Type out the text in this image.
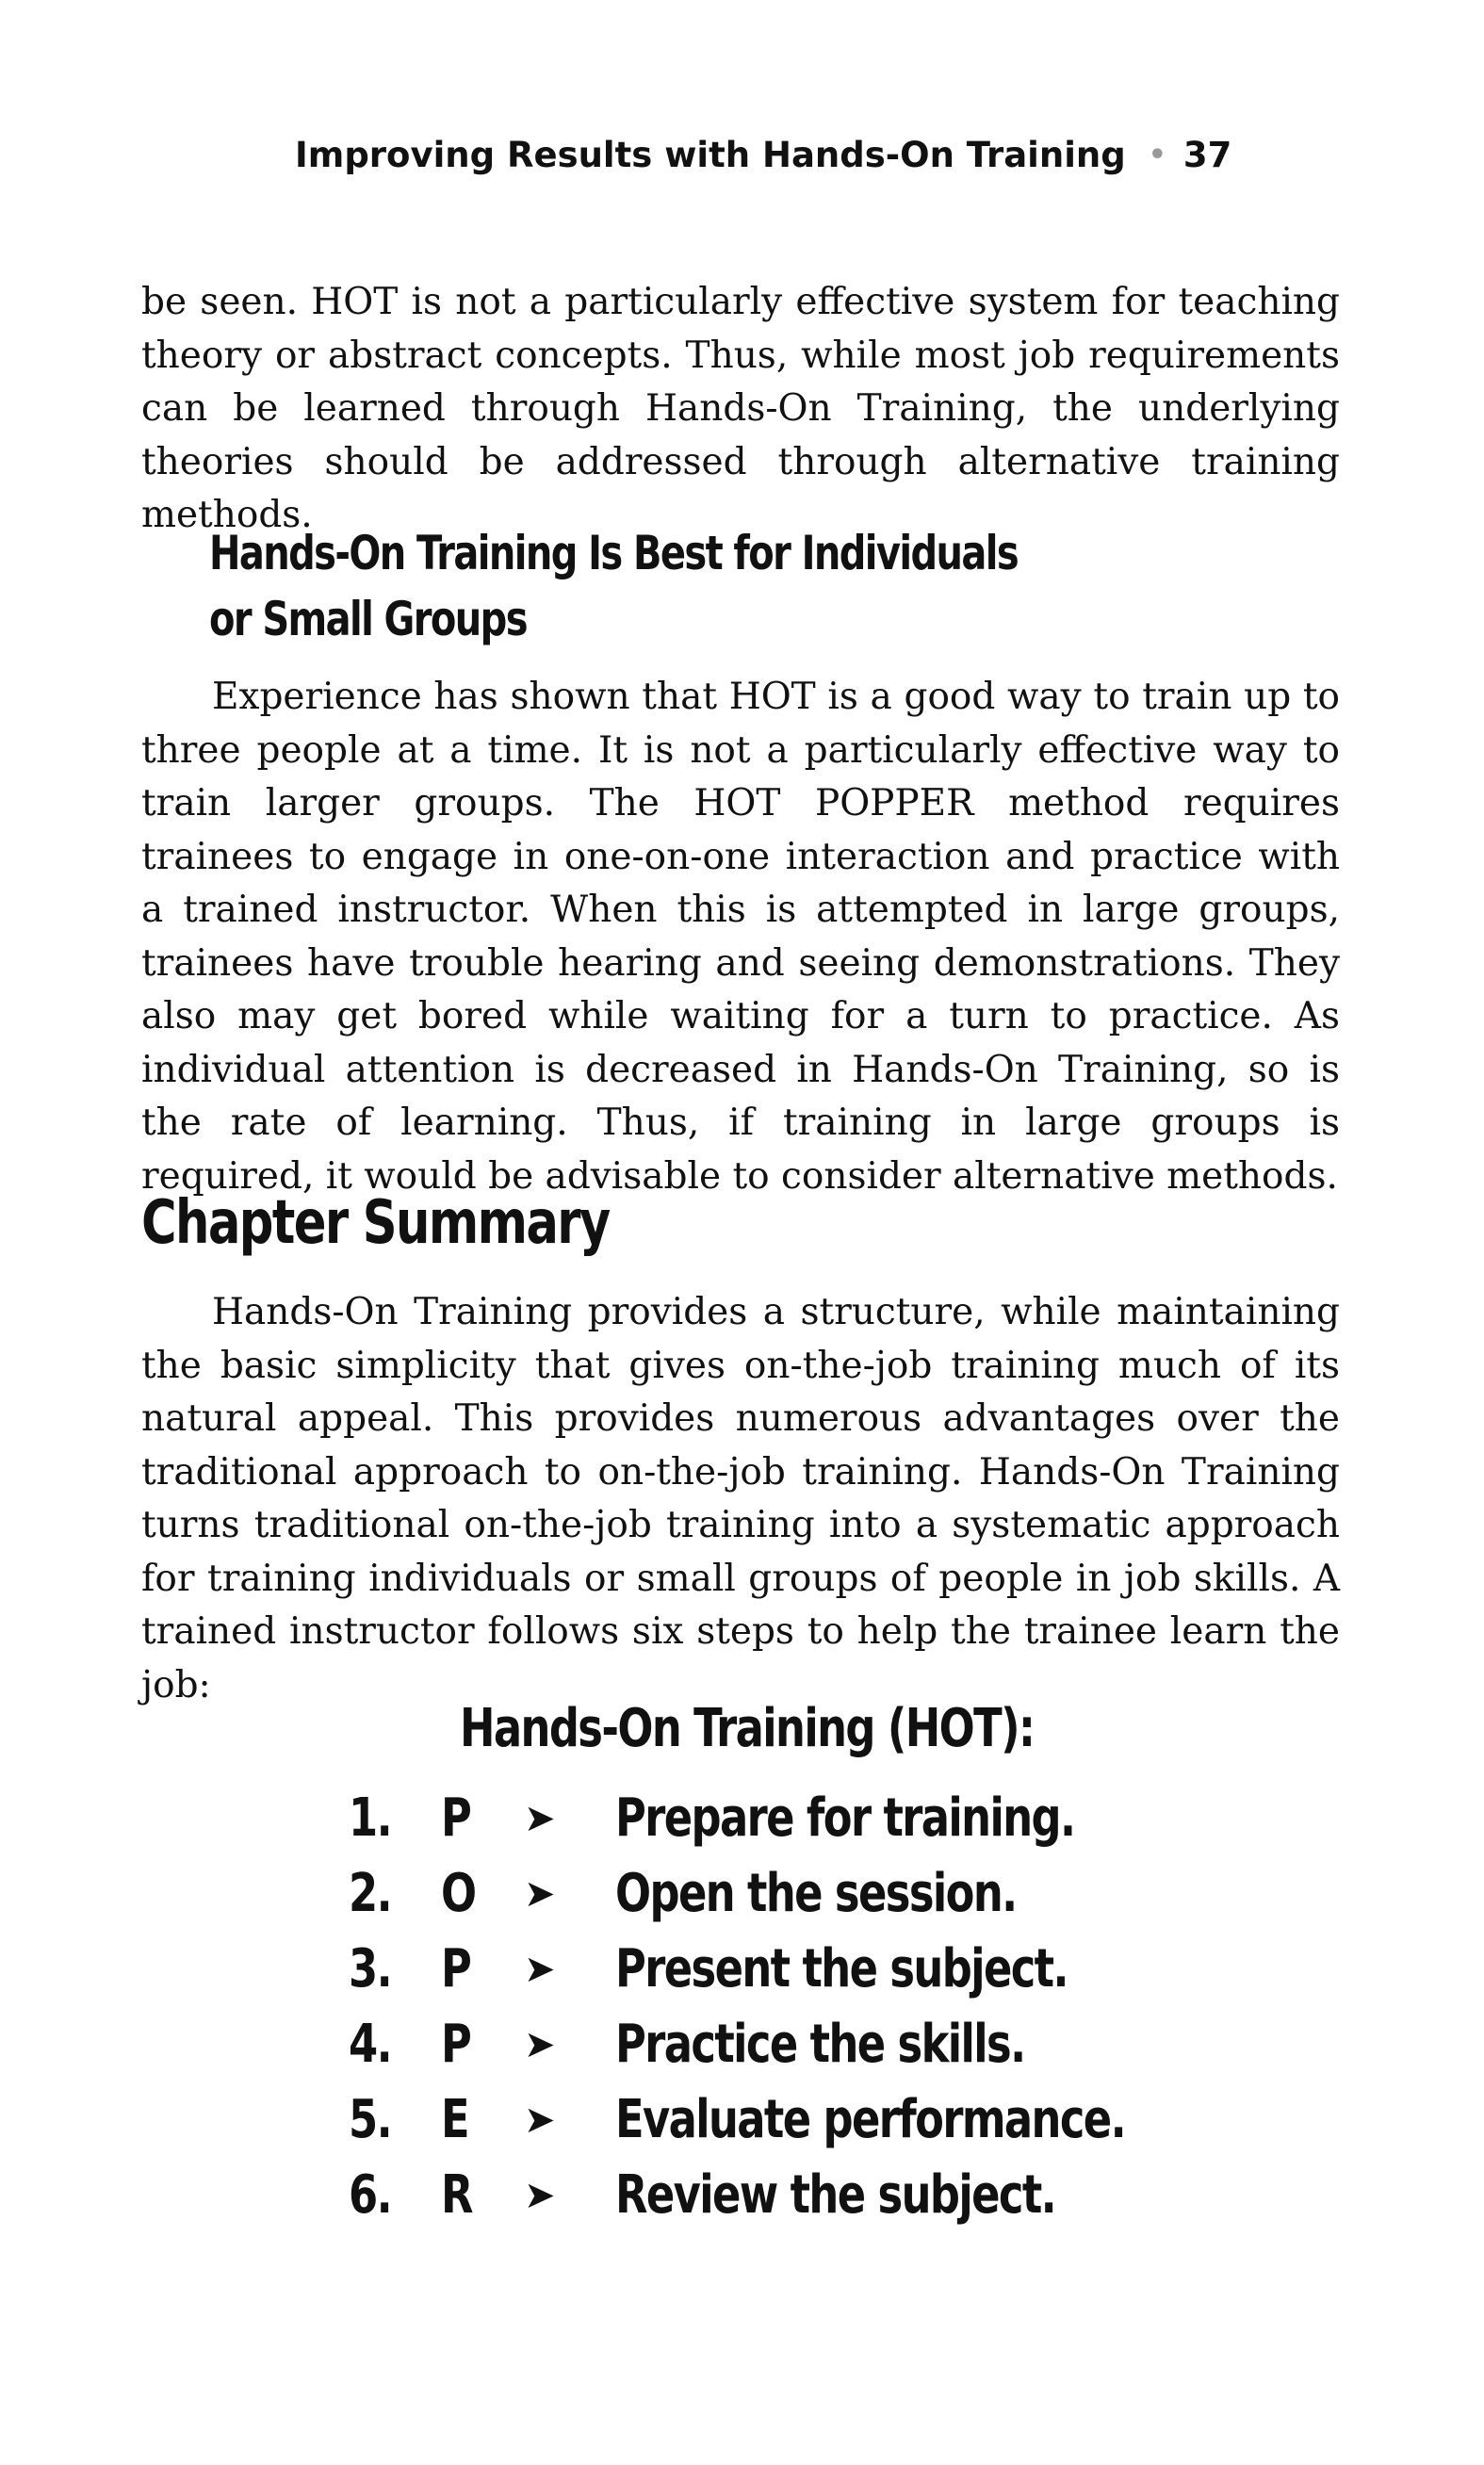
Improving Results with Hands-On Training • 37

be seen. HOT is not a particularly effective system for teaching theory or abstract concepts. Thus, while most job requirements can be learned through Hands-On Training, the underlying theories should be addressed through alternative training methods.

Hands-On Training Is Best for Individuals or Small Groups

Experience has shown that HOT is a good way to train up to three people at a time. It is not a particularly effective way to train larger groups. The HOT POPPER method requires trainees to engage in one-on-one interaction and practice with a trained instructor. When this is attempted in large groups, trainees have trouble hearing and seeing demonstrations. They also may get bored while waiting for a turn to practice. As individual attention is decreased in Hands-On Training, so is the rate of learning. Thus, if training in large groups is required, it would be advisable to consider alternative methods.

Chapter Summary

Hands-On Training provides a structure, while maintaining the basic simplicity that gives on-the-job training much of its natural appeal. This provides numerous advantages over the traditional approach to on-the-job training. Hands-On Training turns traditional on-the-job training into a systematic approach for training individuals or small groups of people in job skills. A trained instructor follows six steps to help the trainee learn the job:

Hands-On Training (HOT):
1. P ➤ Prepare for training.
2. O ➤ Open the session.
3. P ➤ Present the subject.
4. P ➤ Practice the skills.
5. E ➤ Evaluate performance.
6. R ➤ Review the subject.
